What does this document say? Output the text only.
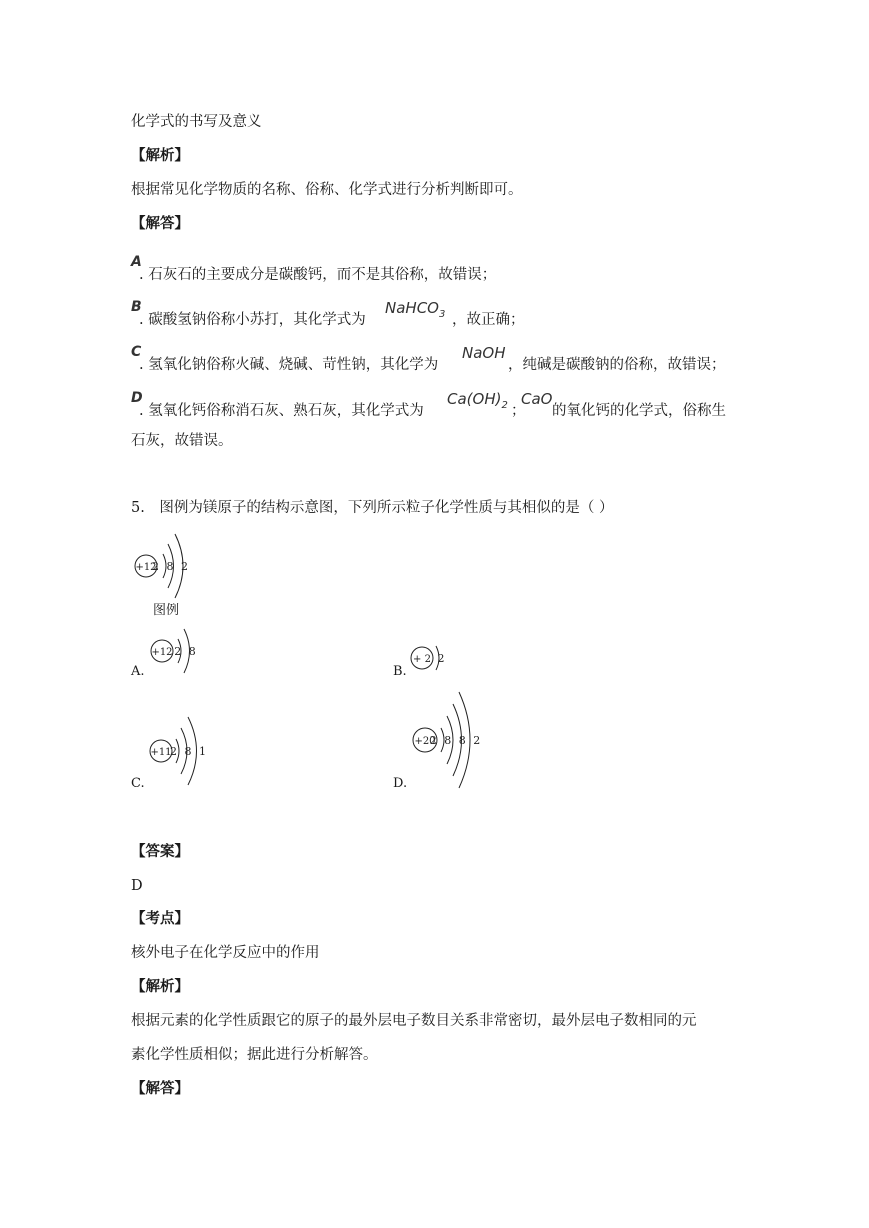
化学式的书写及意义
【解析】
根据常见化学物质的名称、俗称、化学式进行分析判断即可。
【解答】
A
. 石灰石的主要成分是碳酸钙，而不是其俗称，故错误；
B
. 碳酸氢钠俗称小苏打，其化学式为
NaHCO$_3$ ，故正确；
C
. 氢氧化钠俗称火碱、烧碱、苛性钠，其化学为
NaOH
，纯碱是碳酸钠的俗称，故错误；
D
. 氢氧化钙俗称消石灰、熟石灰，其化学式为
$Ca(OH)_2$ ；
CaO
的氧化钙的化学式，俗称生
石灰，故错误。
5.　图例为镁原子的结构示意图，下列所示粒子化学性质与其相似的是（ ）
+12
2 8 2
图例
+12 2 8
A.
+ 2 2
B.
+11
2 8 1
C.
+20
2 8 8 2
D.
【答案】
D
【考点】
核外电子在化学反应中的作用
【解析】
根据元素的化学性质跟它的原子的最外层电子数目关系非常密切，最外层电子数相同的元
素化学性质相似；据此进行分析解答。
【解答】
